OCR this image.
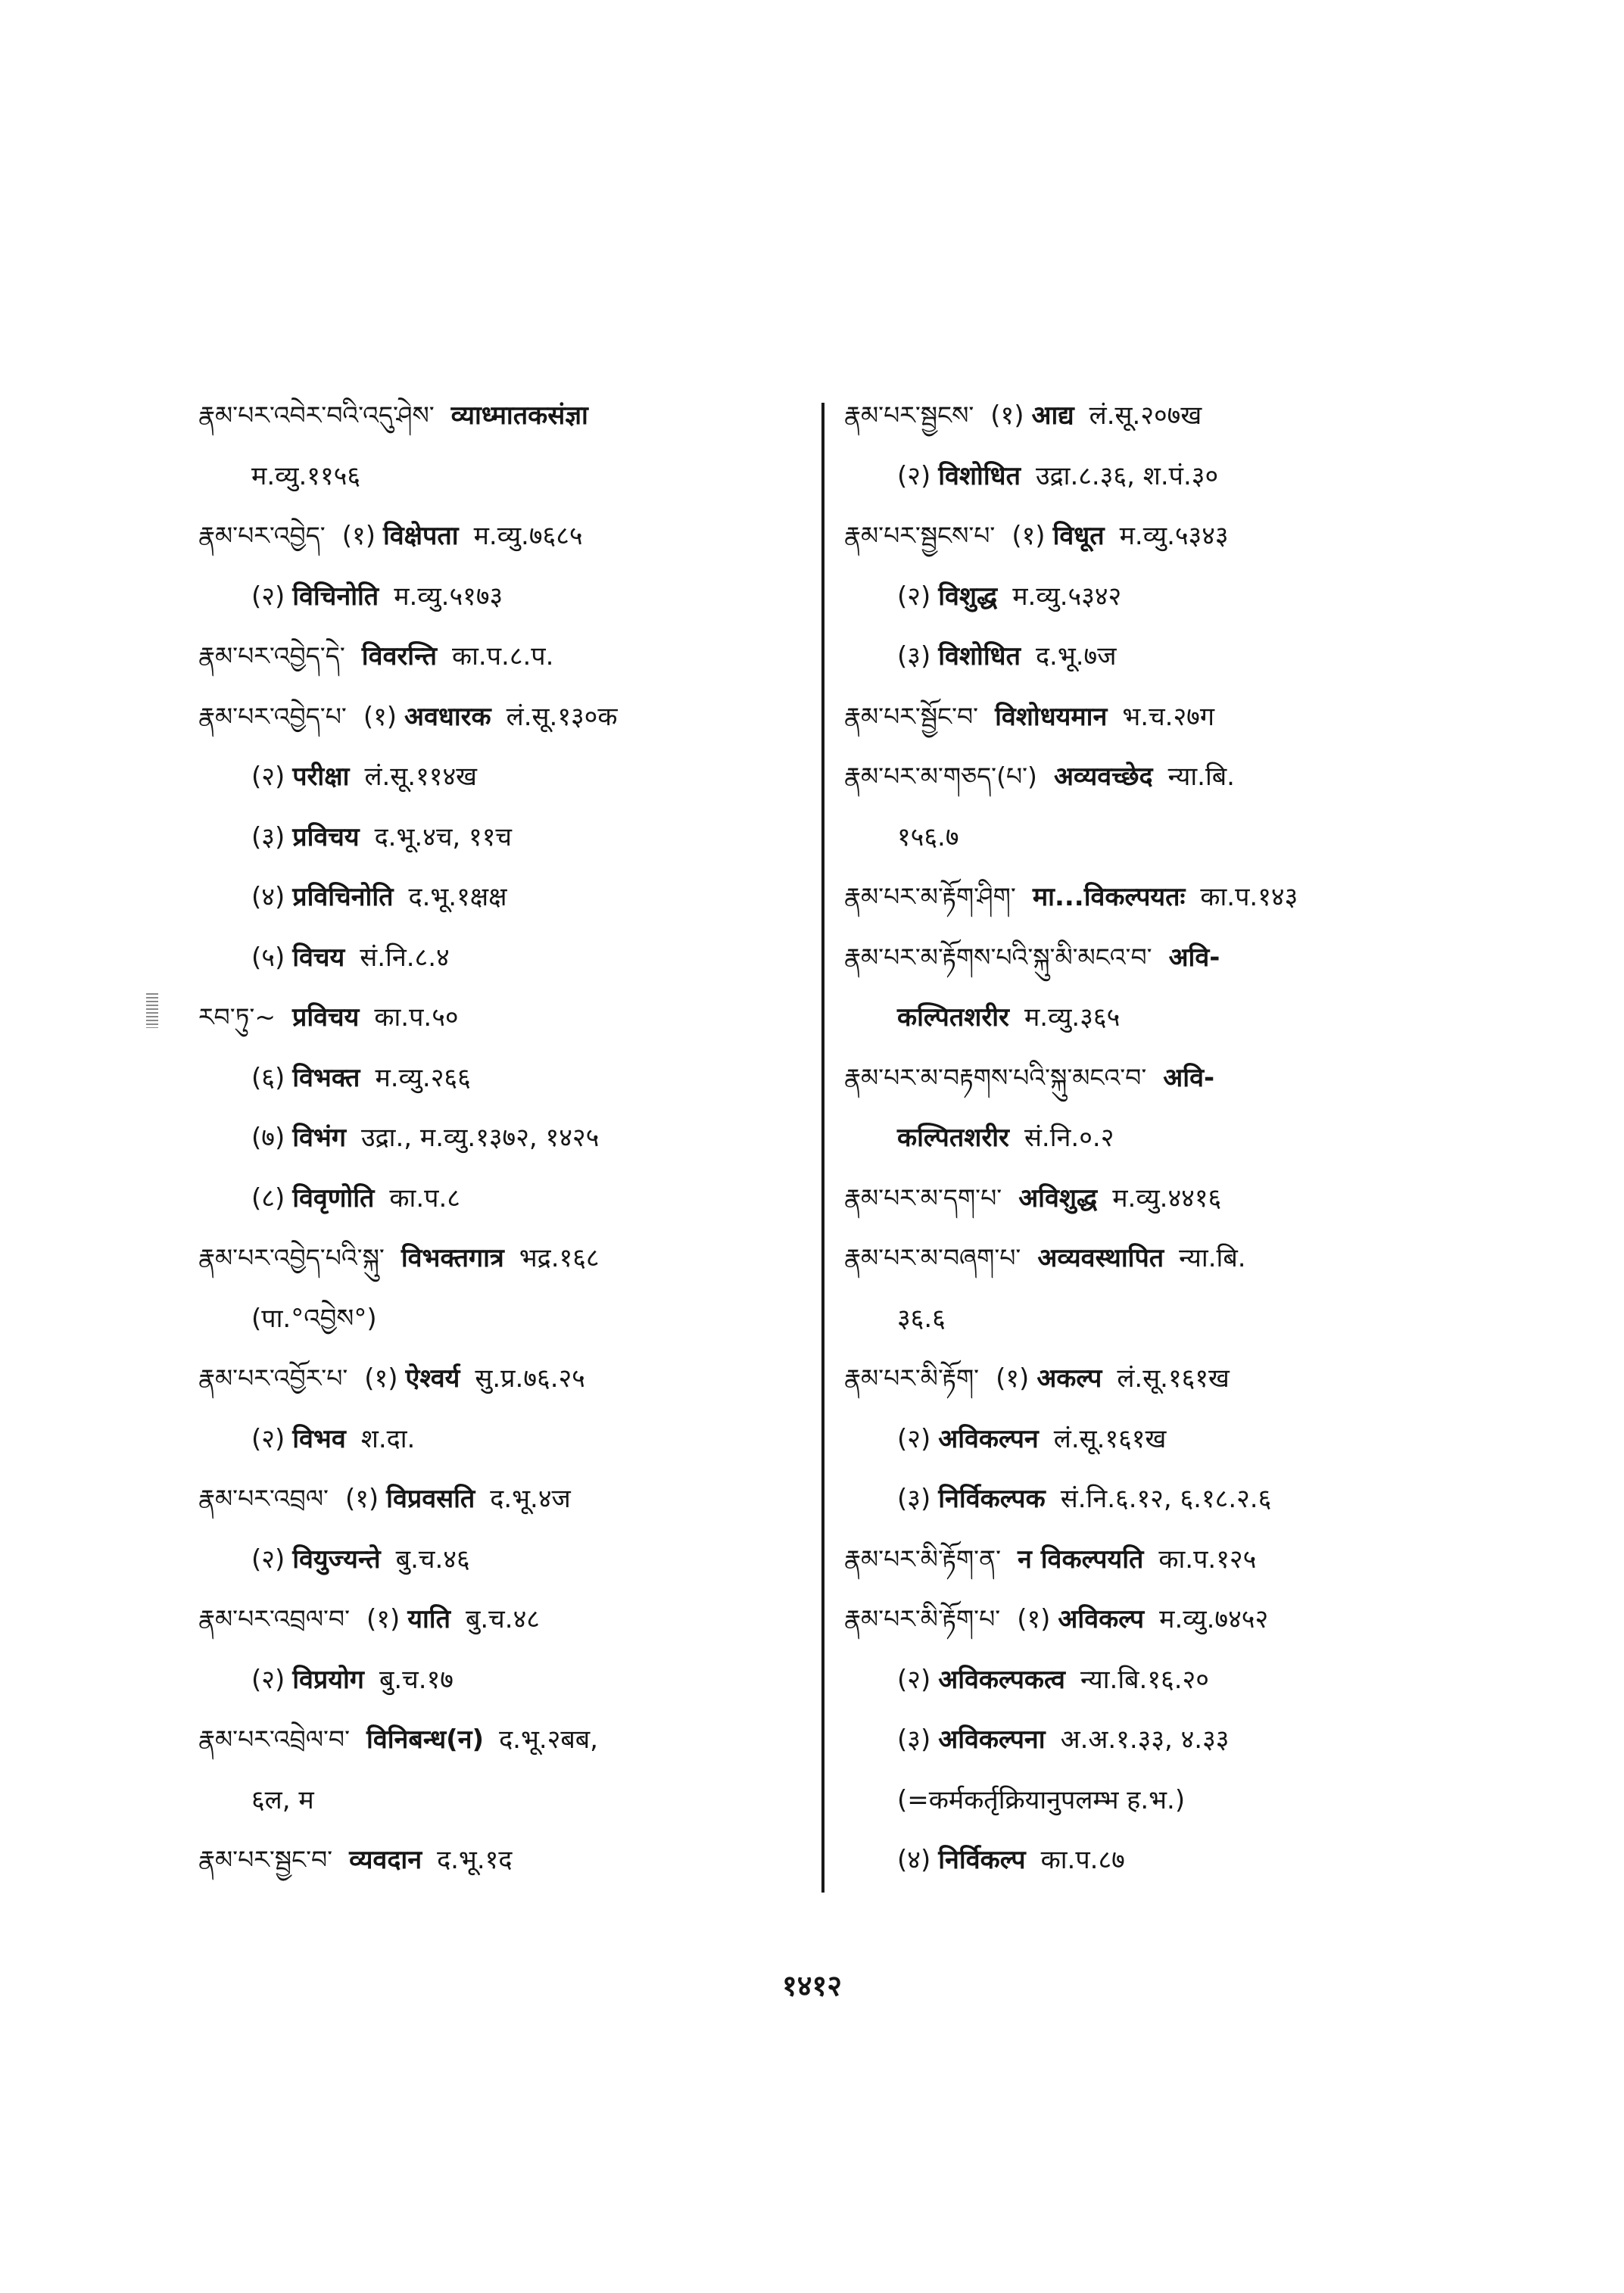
རྣམ་པར་འབེར་བའི་འདུ་ཤེས་ व्याध्मातकसंज्ञा
म.व्यु.११५६
རྣམ་པར་འབྱེད་ (१) विक्षेपता म.व्यु.७६८५
(२) विचिनोति म.व्यु.५१७३
རྣམ་པར་འབྱེད་དེ་ विवरन्ति का.प.८.प.
རྣམ་པར་འབྱེད་པ་ (१) अवधारक लं.सू.१३०क
(२) परीक्षा लं.सू.११४ख
(३) प्रविचय द.भू.४च, ११च
(४) प्रविचिनोति द.भू.१क्षक्ष
(५) विचय सं.नि.८.४
རབ་ཏུ་~ प्रविचय का.प.५०
(६) विभक्त म.व्यु.२६६
(७) विभंग उद्रा., म.व्यु.१३७२, १४२५
(८) विवृणोति का.प.८
རྣམ་པར་འབྱེད་པའི་སྐུ་ विभक्तगात्र भद्र.१६८
(पा.°འབྱེས°)
རྣམ་པར་འབྱོར་པ་ (१) ऐश्वर्य सु.प्र.७६.२५
(२) विभव श.दा.
རྣམ་པར་འབྲལ་ (१) विप्रवसति द.भू.४ज
(२) वियुज्यन्ते बु.च.४६
རྣམ་པར་འབྲལ་བ་ (१) याति बु.च.४८
(२) विप्रयोग बु.च.१७
རྣམ་པར་འབྲེལ་བ་ विनिबन्ध(न) द.भू.२बब,
६ल, म
རྣམ་པར་སྦྱང་བ་ व्यवदान द.भू.१द
རྣམ་པར་སྦྱངས་ (१) आद्य लं.सू.२०७ख
(२) विशोधित उद्रा.८.३६, श.पं.३०
རྣམ་པར་སྦྱངས་པ་ (१) विधूत म.व्यु.५३४३
(२) विशुद्ध म.व्यु.५३४२
(३) विशोधित द.भू.७ज
རྣམ་པར་སྦྱོང་བ་ विशोधयमान भ.च.२७ग
རྣམ་པར་མ་གཅད་(པ་) अव्यवच्छेद न्या.बि.
१५६.७
རྣམ་པར་མ་རྟོག་ཤིག་ मा...विकल्पयतः का.प.१४३
རྣམ་པར་མ་རྟོགས་པའི་སྐུ་མི་མངའ་བ་ अवि-
कल्पितशरीर म.व्यु.३६५
རྣམ་པར་མ་བརྟགས་པའི་སྐུ་མངའ་བ་ अवि-
कल्पितशरीर सं.नि.०.२
རྣམ་པར་མ་དག་པ་ अविशुद्ध म.व्यु.४४१६
རྣམ་པར་མ་བཞག་པ་ अव्यवस्थापित न्या.बि.
३६.६
རྣམ་པར་མི་རྟོག་ (१) अकल्प लं.सू.१६१ख
(२) अविकल्पन लं.सू.१६१ख
(३) निर्विकल्पक सं.नि.६.१२, ६.१८.२.६
རྣམ་པར་མི་རྟོག་ན་ न विकल्पयति का.प.१२५
རྣམ་པར་མི་རྟོག་པ་ (१) अविकल्प म.व्यु.७४५२
(२) अविकल्पकत्व न्या.बि.१६.२०
(३) अविकल्पना अ.अ.१.३३, ४.३३
(=कर्मकर्तृक्रियानुपलम्भ ह.भ.)
(४) निर्विकल्प का.प.८७
१४१२
